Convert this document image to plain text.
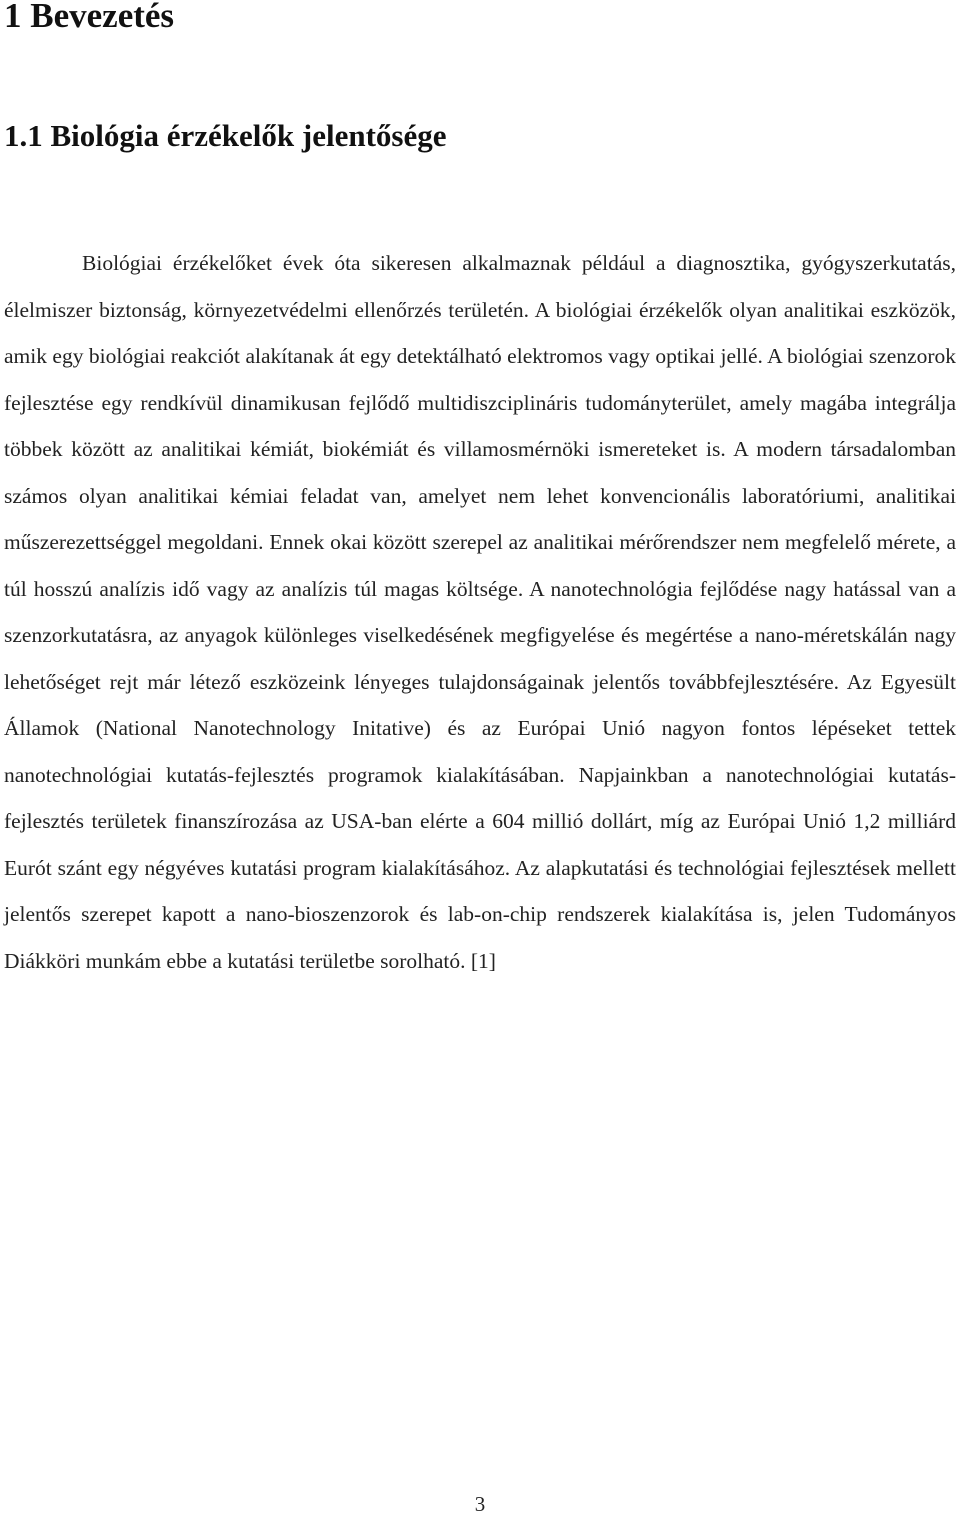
1 Bevezetés
1.1 Biológia érzékelők jelentősége

Biológiai érzékelőket évek óta sikeresen alkalmaznak például a diagnosztika, gyógyszerkutatás, élelmiszer biztonság, környezetvédelmi ellenőrzés területén. A biológiai érzékelők olyan analitikai eszközök, amik egy biológiai reakciót alakítanak át egy detektálható elektromos vagy optikai jellé. A biológiai szenzorok fejlesztése egy rendkívül dinamikusan fejlődő multidiszciplináris tudományterület, amely magába integrálja többek között az analitikai kémiát, biokémiát és villamosmérnöki ismereteket is. A modern társadalomban számos olyan analitikai kémiai feladat van, amelyet nem lehet konvencionális laboratóriumi, analitikai műszerezettséggel megoldani. Ennek okai között szerepel az analitikai mérőrendszer nem megfelelő mérete, a túl hosszú analízis idő vagy az analízis túl magas költsége. A nanotechnológia fejlődése nagy hatással van a szenzorkutatásra, az anyagok különleges viselkedésének megfigyelése és megértése a nano-méretskálán nagy lehetőséget rejt már létező eszközeink lényeges tulajdonságainak jelentős továbbfejlesztésére. Az Egyesült Államok (National Nanotechnology Initative) és az Európai Unió nagyon fontos lépéseket tettek nanotechnológiai kutatás-fejlesztés programok kialakításában. Napjainkban a nanotechnológiai kutatás-fejlesztés területek finanszírozása az USA-ban elérte a 604 millió dollárt, míg az Európai Unió 1,2 milliárd Eurót szánt egy négyéves kutatási program kialakításához. Az alapkutatási és technológiai fejlesztések mellett jelentős szerepet kapott a nano-bioszenzorok és lab-on-chip rendszerek kialakítása is, jelen Tudományos Diákköri munkám ebbe a kutatási területbe sorolható. [1]

3
